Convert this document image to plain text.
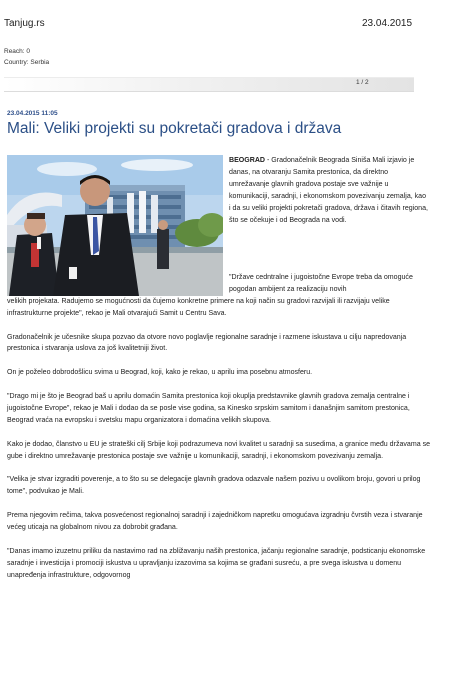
Tanjug.rs	23.04.2015
Reach: 0
Country: Serbia
1 / 2
23.04.2015 11:05
Mali: Veliki projekti su pokretači gradova i država

BEOGRAD - Gradonačelnik Beograda Siniša Mali izjavio je danas, na otvaranju Samita prestonica, da direktno umrežavanje glavnih gradova postaje sve važnije u komunikaciji, saradnji, i ekonomskom povezivanju zemalja, kao i da su veliki projekti pokretači gradova, država i čitavih regiona, što se očekuje i od Beograda na vodi.

"Države cedntralne i jugoistočne Evrope treba da omoguće pogodan ambijent za realizaciju novih

velikih projekata. Radujemo se mogućnosti da čujemo konkretne primere na koji način su gradovi razvijali ili razvijaju velike infrastrukturne projekte", rekao je Mali otvarajući Samit u Centru Sava.

Gradonačelnik je učesnike skupa pozvao da otvore novo poglavlje regionalne saradnje i razmene iskustava u cilju napredovanja prestonica i stvaranja uslova za još kvalitetniji život.

On je poželeo dobrodošlicu svima u Beograd, koji, kako je rekao, u aprilu ima posebnu atmosferu.

"Drago mi je što je Beograd baš u aprilu domaćin Samita prestonica koji okuplja predstavnike glavnih gradova zemalja centralne i jugoistočne Evrope", rekao je Mali i dodao da se posle vise godina, sa Kinesko srpskim samitom i današnjim samitom prestonica, Beograd vraća na evropsku i svetsku mapu organizatora i domaćina velikih skupova.

Kako je dodao, članstvo u EU je strateški cilj Srbije koji podrazumeva novi kvalitet u saradnji sa susedima, a granice među državama se gube i direktno umrežavanje prestonica postaje sve važnije u komunikaciji, saradnji, i ekonomskom povezivanju zemalja.

"Velika je stvar izgraditi poverenje, a to što su se delegacije glavnih gradova odazvale našem pozivu u ovolikom broju, govori u prilog tome", podvukao je Mali.

Prema njegovim rečima, takva posvećenost regionalnoj saradnji i zajedničkom napretku omogućava izgradnju čvrstih veza i stvaranje većeg uticaja na globalnom nivou za dobrobit građana.

"Danas imamo izuzetnu priliku da nastavimo rad na zbližavanju naših prestonica, jačanju regionalne saradnje, podsticanju ekonomske saradnje i investicija i promociji iskustva u upravljanju izazovima sa kojima se građani susreću, a pre svega iskustva u domenu unapređenja infrastrukture, odgovornog
